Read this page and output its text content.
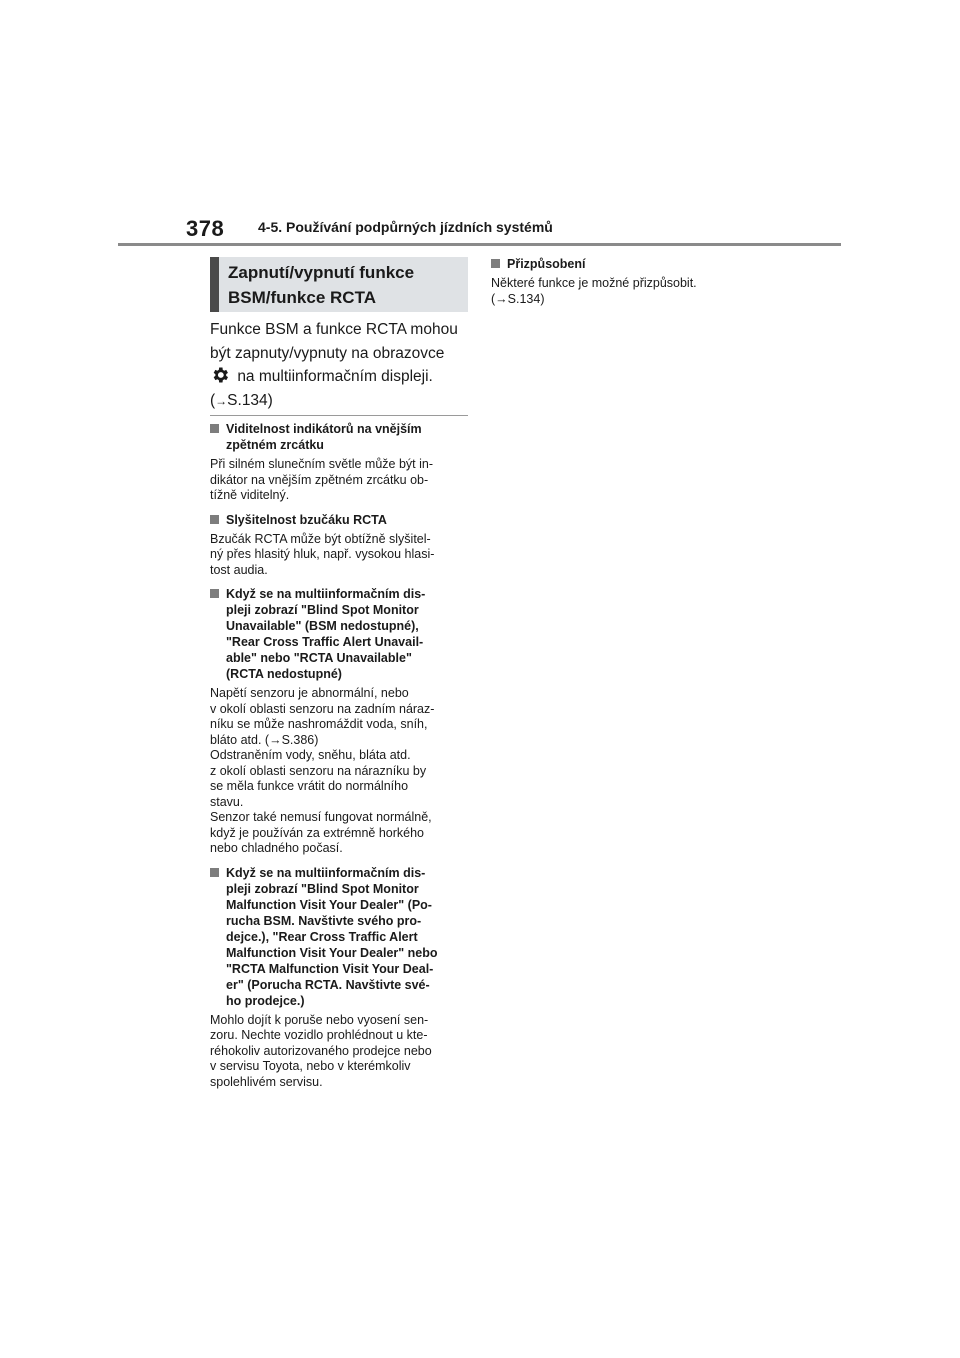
378 4-5. Používání podpůrných jízdních systémů
Zapnutí/vypnutí funkce
BSM/funkce RCTA
Funkce BSM a funkce RCTA mohou
být zapnuty/vypnuty na obrazovce
na multiinformačním displeji.
(→S.134)
Viditelnost indikátorů na vnějším
zpětném zrcátku
Při silném slunečním světle může být in-
dikátor na vnějším zpětném zrcátku ob-
tížně viditelný.
Slyšitelnost bzučáku RCTA
Bzučák RCTA může být obtížně slyšitel-
ný přes hlasitý hluk, např. vysokou hlasi-
tost audia.
Když se na multiinformačním dis-
pleji zobrazí "Blind Spot Monitor
Unavailable" (BSM nedostupné),
"Rear Cross Traffic Alert Unavail-
able" nebo "RCTA Unavailable"
(RCTA nedostupné)
Napětí senzoru je abnormální, nebo
v okolí oblasti senzoru na zadním náraz-
níku se může nashromáždit voda, sníh,
bláto atd. (→S.386)
Odstraněním vody, sněhu, bláta atd.
z okolí oblasti senzoru na nárazníku by
se měla funkce vrátit do normálního
stavu.
Senzor také nemusí fungovat normálně,
když je používán za extrémně horkého
nebo chladného počasí.
Když se na multiinformačním dis-
pleji zobrazí "Blind Spot Monitor
Malfunction Visit Your Dealer" (Po-
rucha BSM. Navštivte svého pro-
dejce.), "Rear Cross Traffic Alert
Malfunction Visit Your Dealer" nebo
"RCTA Malfunction Visit Your Deal-
er" (Porucha RCTA. Navštivte své-
ho prodejce.)
Mohlo dojít k poruše nebo vyosení sen-
zoru. Nechte vozidlo prohlédnout u kte-
réhokoliv autorizovaného prodejce nebo
v servisu Toyota, nebo v kterémkoliv
spolehlivém servisu.
Přizpůsobení
Některé funkce je možné přizpůsobit.
(→S.134)
